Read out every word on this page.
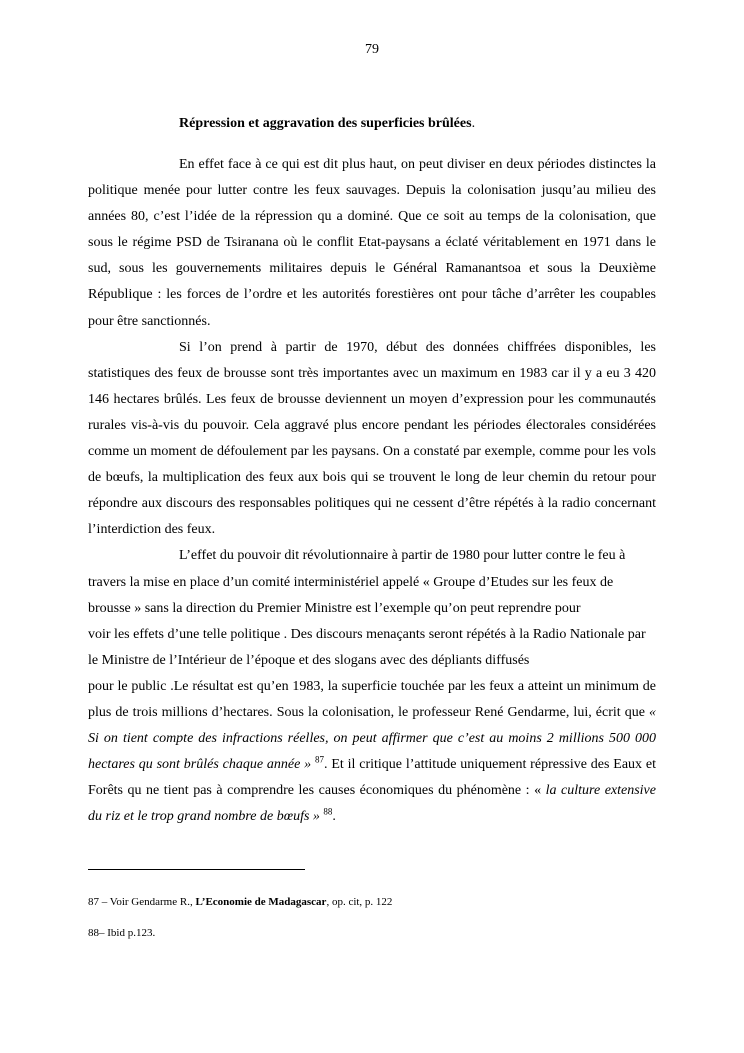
79
Répression et aggravation des superficies brûlées.

En effet face à ce qui est dit plus haut, on peut diviser en deux périodes distinctes la politique menée pour lutter contre les feux sauvages. Depuis la colonisation jusqu’au milieu des années 80, c’est l’idée de la répression qu a dominé. Que ce soit au temps de la colonisation, que sous le régime PSD de Tsiranana où le conflit Etat-paysans a éclaté véritablement en 1971 dans le sud, sous les gouvernements militaires depuis le Général Ramanantsoa et sous la Deuxième République : les forces de l’ordre et les autorités forestières ont pour tâche d’arrêter les coupables pour être sanctionnés.

Si l’on prend à partir de 1970, début des données chiffrées disponibles, les statistiques des feux de brousse sont très importantes avec un maximum en 1983 car il y a eu 3 420 146 hectares brûlés. Les feux de brousse deviennent un moyen d’expression pour les communautés rurales vis-à-vis du pouvoir. Cela aggravé plus encore pendant les périodes électorales considérées comme un moment de défoulement par les paysans. On a constaté par exemple, comme pour les vols de bœufs, la multiplication des feux aux bois qui se trouvent le long de leur chemin du retour pour répondre aux discours des responsables politiques qui ne cessent d’être répétés à la radio concernant l’interdiction des feux.

L’effet du pouvoir dit révolutionnaire à partir de 1980 pour lutter contre le feu à travers la mise en place d’un comité interministériel appelé « Groupe d’Etudes sur les feux de brousse » sans la direction du Premier Ministre est l’exemple qu’on peut reprendre pour

voir les effets d’une telle politique . Des discours menaçants seront répétés à la Radio Nationale par le Ministre de l’Intérieur de l’époque et des slogans avec des dépliants diffusés

pour le public .Le résultat est qu’en 1983, la superficie touchée par les feux a atteint un minimum de plus de trois millions d’hectares. Sous la colonisation, le professeur René Gendarme, lui, écrit que « Si on tient compte des infractions réelles, on peut affirmer que c’est au moins 2 millions 500 000 hectares qu sont brûlés chaque année » $^{87}$. Et il critique l’attitude uniquement répressive des Eaux et Forêts qu ne tient pas à comprendre les causes économiques du phénomène : « la culture extensive du riz et le trop grand nombre de bœufs » $^{88}$.

87 – Voir Gendarme R., L’Economie de Madagascar, op. cit, p. 122
88– Ibid p.123.
